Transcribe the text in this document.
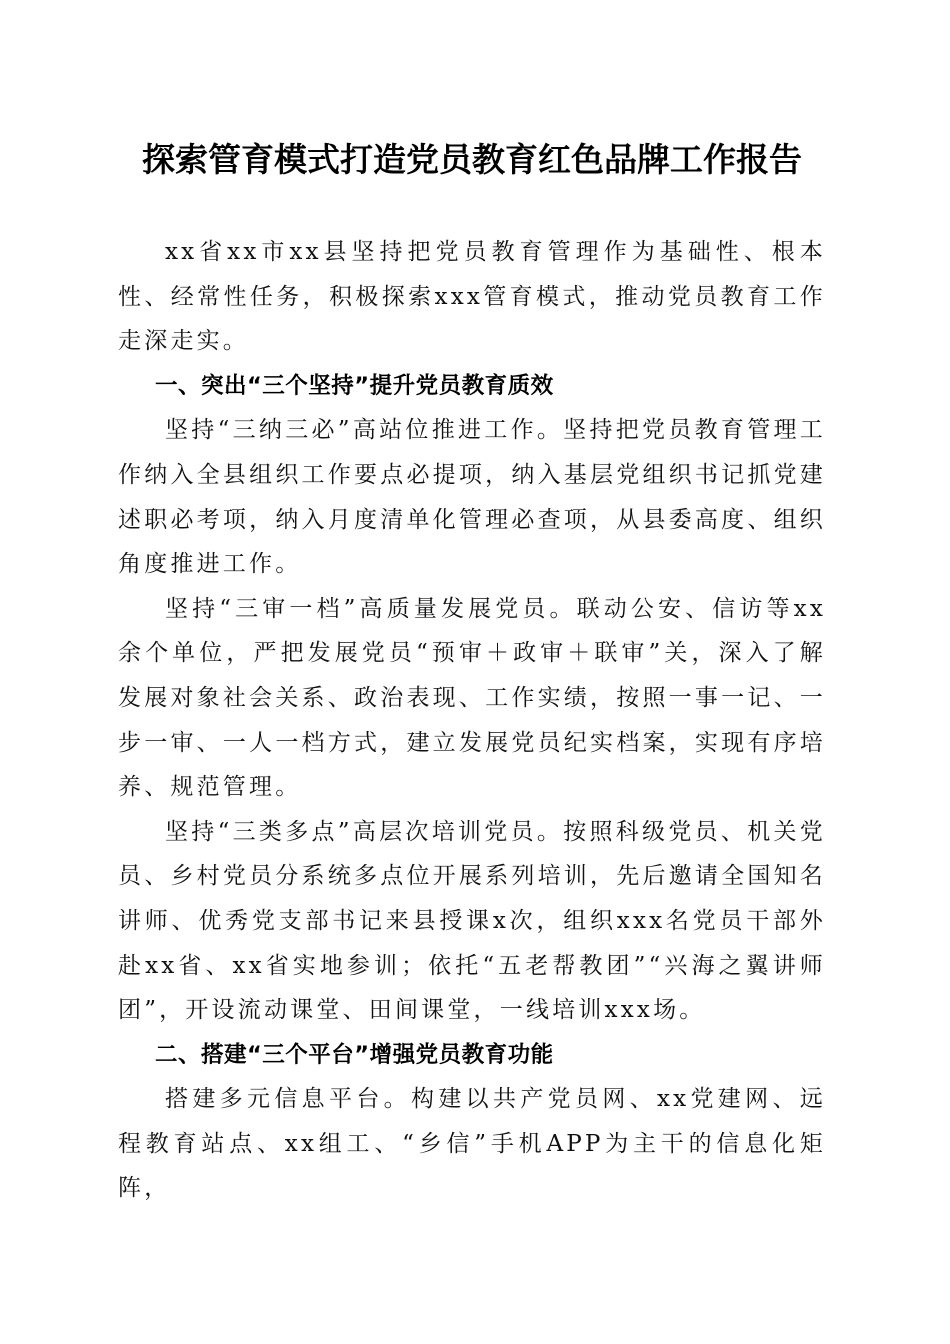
探索管育模式打造党员教育红色品牌工作报告

xx省xx市xx县坚持把党员教育管理作为基础性、根本性、经常性任务，积极探索xxx管育模式，推动党员教育工作走深走实。

一、突出“三个坚持”提升党员教育质效

坚持“三纳三必”高站位推进工作。坚持把党员教育管理工作纳入全县组织工作要点必提项，纳入基层党组织书记抓党建述职必考项，纳入月度清单化管理必查项，从县委高度、组织角度推进工作。

坚持“三审一档”高质量发展党员。联动公安、信访等xx余个单位，严把发展党员“预审＋政审＋联审”关，深入了解发展对象社会关系、政治表现、工作实绩，按照一事一记、一步一审、一人一档方式，建立发展党员纪实档案，实现有序培养、规范管理。

坚持“三类多点”高层次培训党员。按照科级党员、机关党员、乡村党员分系统多点位开展系列培训，先后邀请全国知名讲师、优秀党支部书记来县授课x次，组织xxx名党员干部外赴xx省、xx省实地参训；依托“五老帮教团”“兴海之翼讲师团”，开设流动课堂、田间课堂，一线培训xxx场。

二、搭建“三个平台”增强党员教育功能

搭建多元信息平台。构建以共产党员网、xx党建网、远程教育站点、xx组工、“乡信”手机APP为主干的信息化矩阵，
